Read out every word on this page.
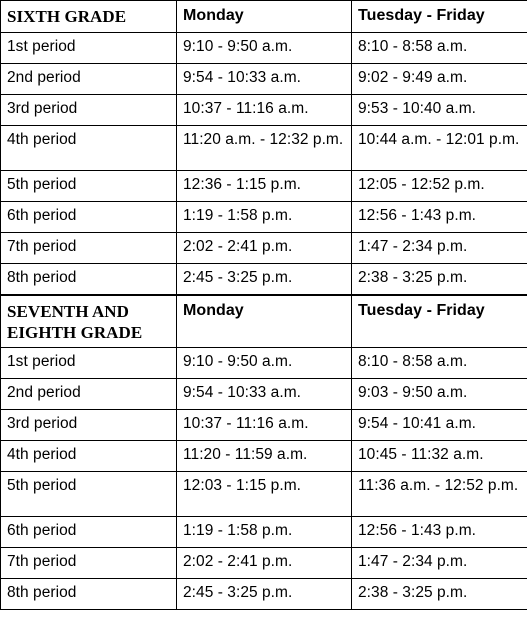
SIXTH GRADE	Monday	Tuesday - Friday
1st period	9:10 - 9:50 a.m.	8:10 - 8:58 a.m.
2nd period	9:54 - 10:33 a.m.	9:02 - 9:49 a.m.
3rd period	10:37 - 11:16 a.m.	9:53 - 10:40 a.m.
4th period	11:20 a.m. - 12:32 p.m.	10:44 a.m. - 12:01 p.m.
5th period	12:36 - 1:15 p.m.	12:05 - 12:52 p.m.
6th period	1:19 - 1:58 p.m.	12:56 - 1:43 p.m.
7th period	2:02 - 2:41 p.m.	1:47 - 2:34 p.m.
8th period	2:45 - 3:25 p.m.	2:38 - 3:25 p.m.
SEVENTH AND EIGHTH GRADE	Monday	Tuesday - Friday
1st period	9:10 - 9:50 a.m.	8:10 - 8:58 a.m.
2nd period	9:54 - 10:33 a.m.	9:03 - 9:50 a.m.
3rd period	10:37 - 11:16 a.m.	9:54 - 10:41 a.m.
4th period	11:20 - 11:59 a.m.	10:45 - 11:32 a.m.
5th period	12:03 - 1:15 p.m.	11:36 a.m. - 12:52 p.m.
6th period	1:19 - 1:58 p.m.	12:56 - 1:43 p.m.
7th period	2:02 - 2:41 p.m.	1:47 - 2:34 p.m.
8th period	2:45 - 3:25 p.m.	2:38 - 3:25 p.m.
